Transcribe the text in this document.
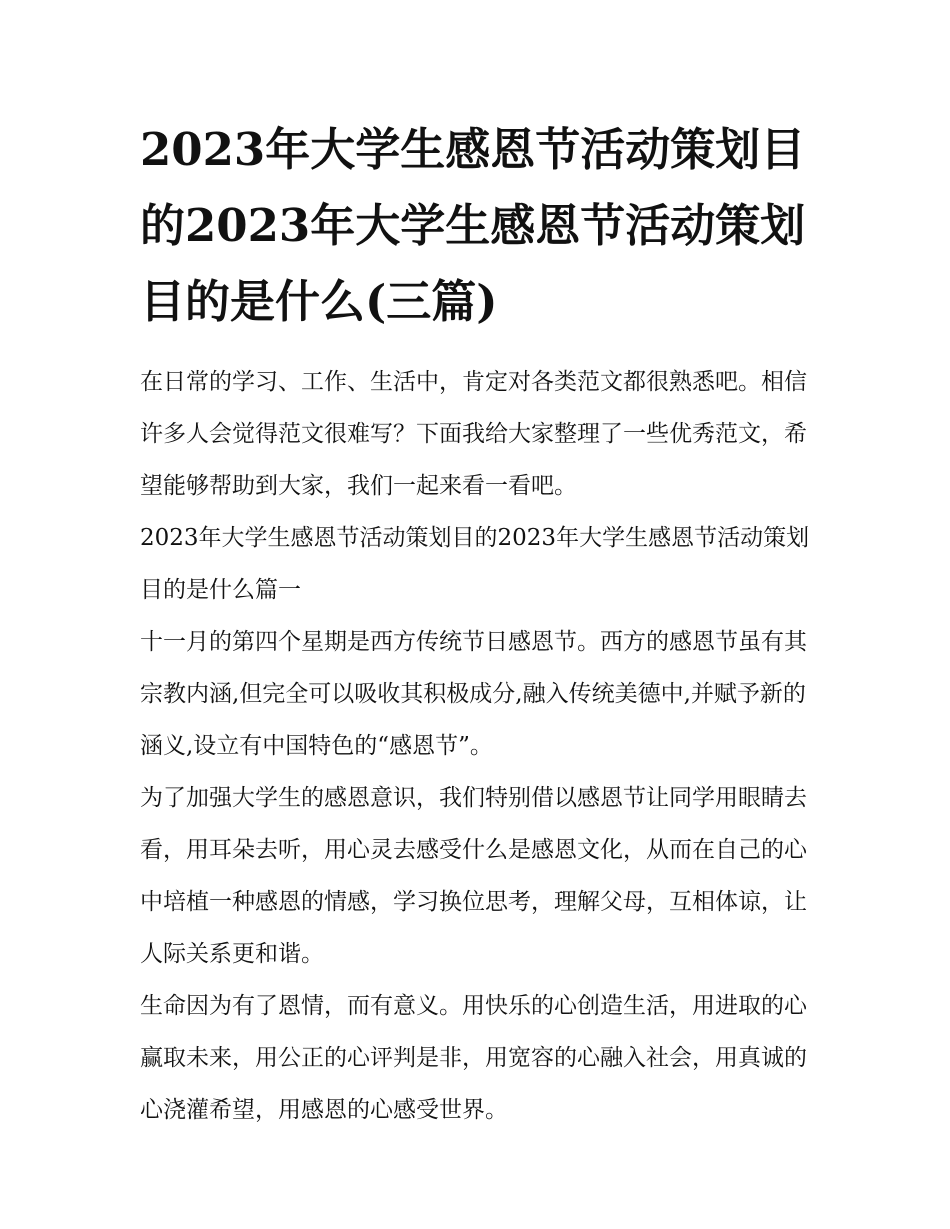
2023年大学生感恩节活动策划目的2023年大学生感恩节活动策划目的是什么(三篇)

在日常的学习、工作、生活中，肯定对各类范文都很熟悉吧。相信许多人会觉得范文很难写？下面我给大家整理了一些优秀范文，希望能够帮助到大家，我们一起来看一看吧。

2023年大学生感恩节活动策划目的2023年大学生感恩节活动策划目的是什么篇一

十一月的第四个星期是西方传统节日感恩节。西方的感恩节虽有其宗教内涵,但完全可以吸收其积极成分,融入传统美德中,并赋予新的涵义,设立有中国特色的“感恩节”。

为了加强大学生的感恩意识，我们特别借以感恩节让同学用眼睛去看，用耳朵去听，用心灵去感受什么是感恩文化，从而在自己的心中培植一种感恩的情感，学习换位思考，理解父母，互相体谅，让人际关系更和谐。

生命因为有了恩情，而有意义。用快乐的心创造生活，用进取的心赢取未来，用公正的心评判是非，用宽容的心融入社会，用真诚的心浇灌希望，用感恩的心感受世界。
